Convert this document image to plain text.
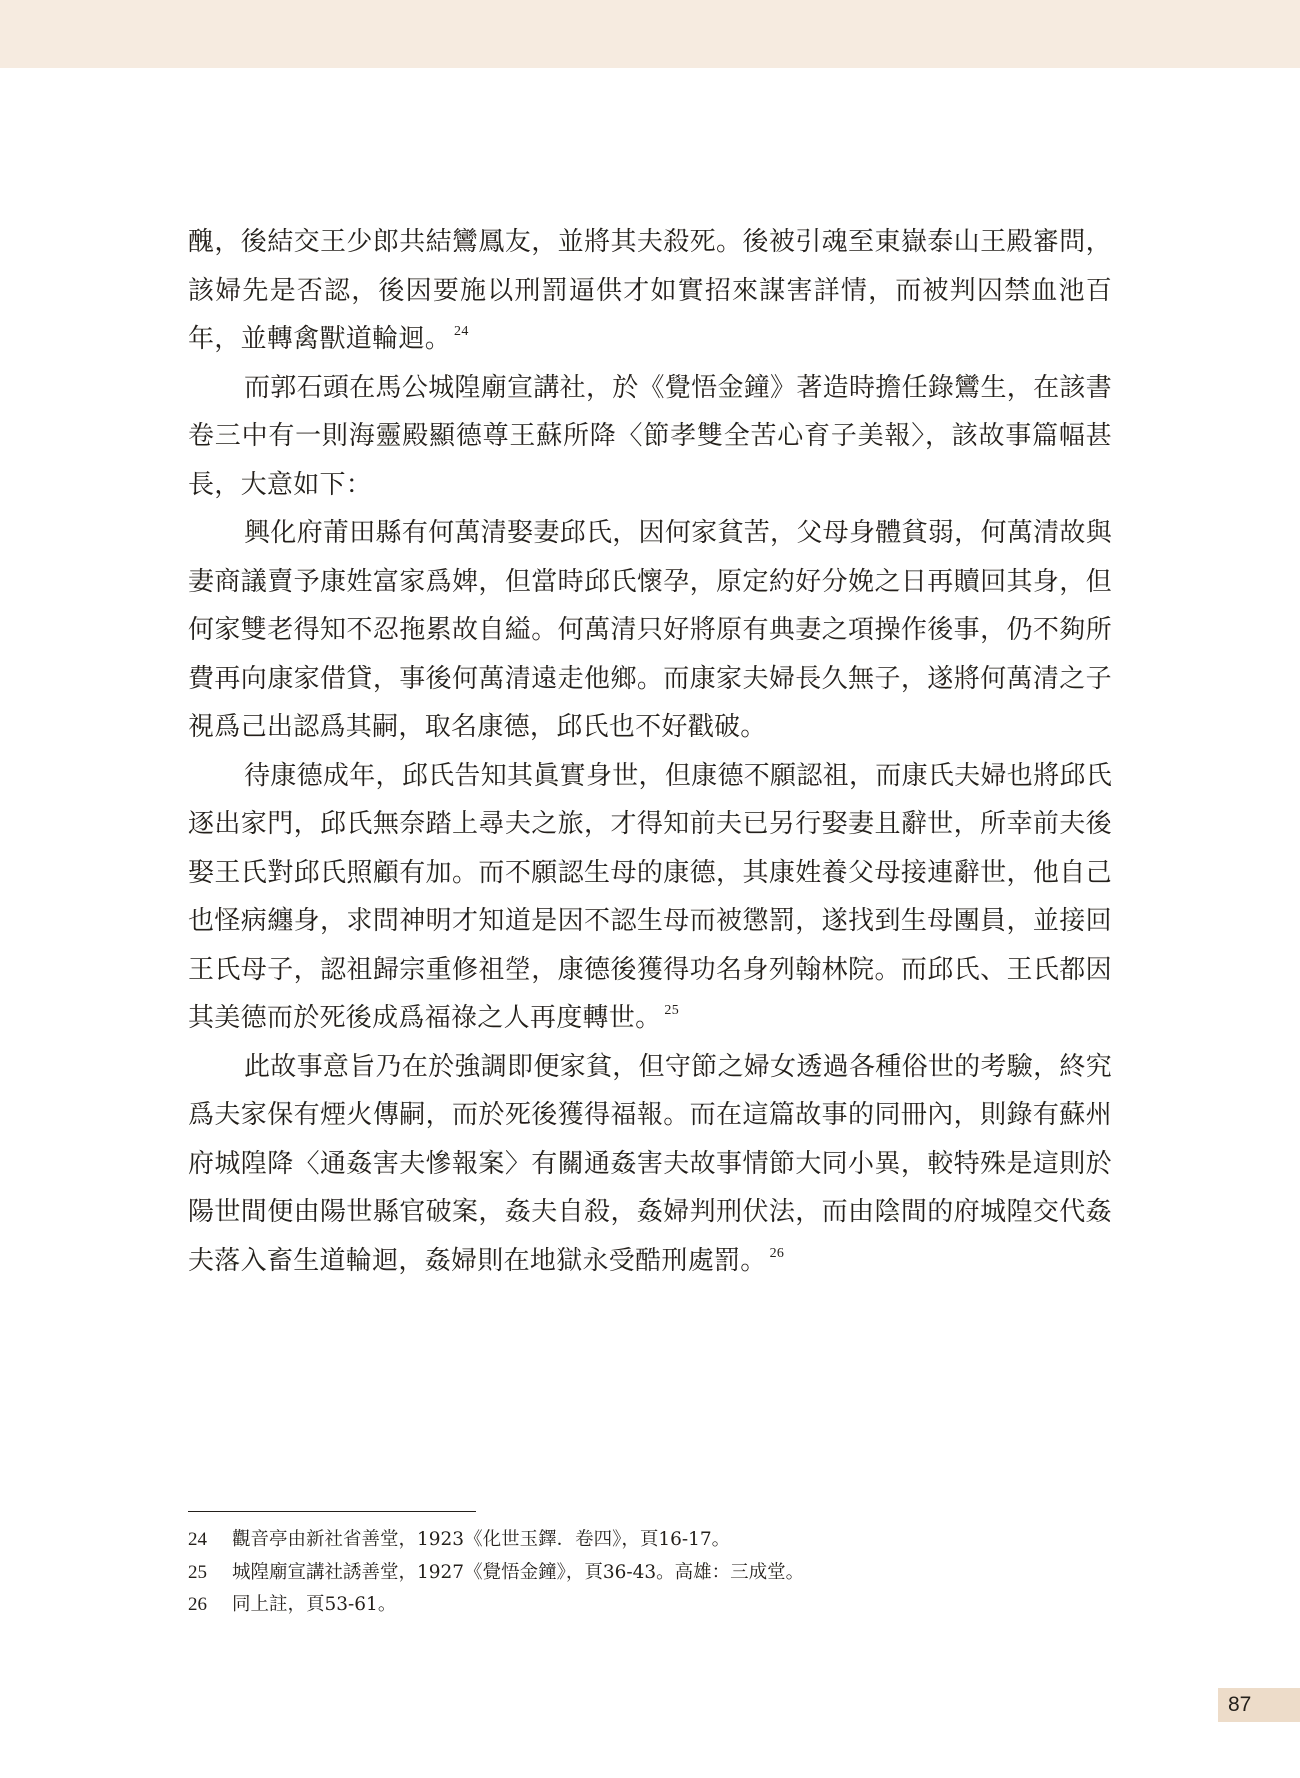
醜，後結交王少郎共結鸞鳳友，並將其夫殺死。後被引魂至東嶽泰山王殿審問，該婦先是否認，後因要施以刑罰逼供才如實招來謀害詳情，而被判囚禁血池百年，並轉禽獸道輪迴。 $^{24}$

而郭石頭在馬公城隍廟宣講社，於《覺悟金鐘》著造時擔任錄鸞生，在該書卷三中有一則海靈殿顯德尊王蘇所降〈節孝雙全苦心育子美報〉，該故事篇幅甚長，大意如下：

興化府莆田縣有何萬清娶妻邱氏，因何家貧苦，父母身體貧弱，何萬清故與妻商議賣予康姓富家爲婢，但當時邱氏懷孕，原定約好分娩之日再贖回其身，但何家雙老得知不忍拖累故自縊。何萬清只好將原有典妻之項操作後事，仍不夠所費再向康家借貸，事後何萬清遠走他鄉。而康家夫婦長久無子，遂將何萬清之子視爲己出認爲其嗣，取名康德，邱氏也不好戳破。

待康德成年，邱氏告知其眞實身世，但康德不願認祖，而康氏夫婦也將邱氏逐出家門，邱氏無奈踏上尋夫之旅，才得知前夫已另行娶妻且辭世，所幸前夫後娶王氏對邱氏照顧有加。而不願認生母的康德，其康姓養父母接連辭世，他自己也怪病纏身，求問神明才知道是因不認生母而被懲罰，遂找到生母團員，並接回王氏母子，認祖歸宗重修祖塋，康德後獲得功名身列翰林院。而邱氏、王氏都因其美德而於死後成爲福祿之人再度轉世。 $^{25}$

此故事意旨乃在於強調即便家貧，但守節之婦女透過各種俗世的考驗，終究爲夫家保有煙火傳嗣，而於死後獲得福報。而在這篇故事的同冊內，則錄有蘇州府城隍降〈通姦害夫慘報案〉有關通姦害夫故事情節大同小異，較特殊是這則於陽世間便由陽世縣官破案，姦夫自殺，姦婦判刑伏法，而由陰間的府城隍交代姦夫落入畜生道輪迴，姦婦則在地獄永受酷刑處罰。 $^{26}$

24 觀音亭由新社省善堂，1923《化世玉鐸．卷四》，頁16-17。
25 城隍廟宣講社誘善堂，1927《覺悟金鐘》，頁36-43。高雄：三成堂。
26 同上註，頁53-61。
87
